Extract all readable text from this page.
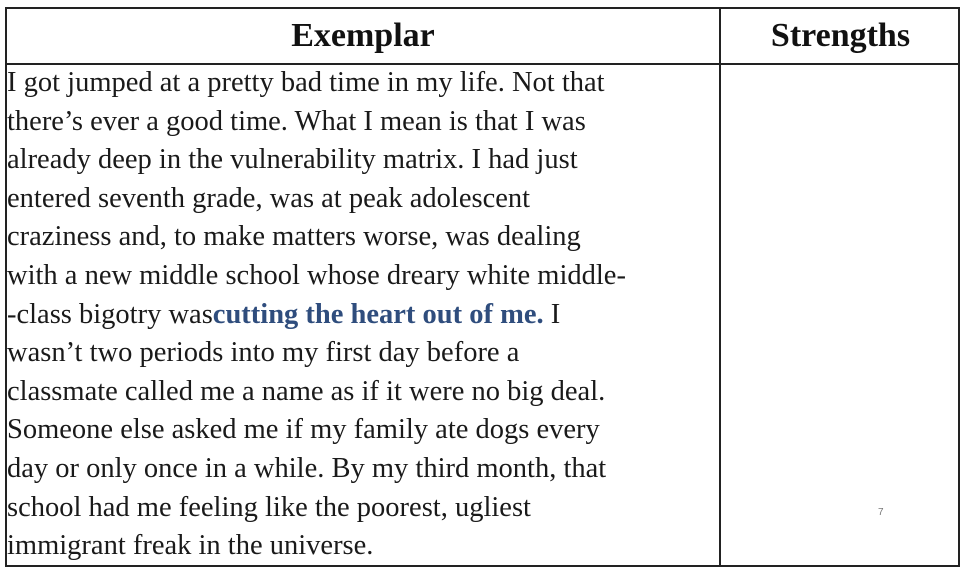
Exemplar	Strengths
I got jumped at a pretty bad time in my life. Not that
there’s ever a good time. What I mean is that I was
already deep in the vulnerability matrix. I had just
entered seventh grade, was at peak adolescent
craziness and, to make matters worse, was dealing
with a new middle school whose dreary white middle-
-class bigotry wascutting the heart out of me. I
wasn’t two periods into my first day before a
classmate called me a name as if it were no big deal.
Someone else asked me if my family ate dogs every
day or only once in a while. By my third month, that
school had me feeling like the poorest, ugliest
immigrant freak in the universe.
7
